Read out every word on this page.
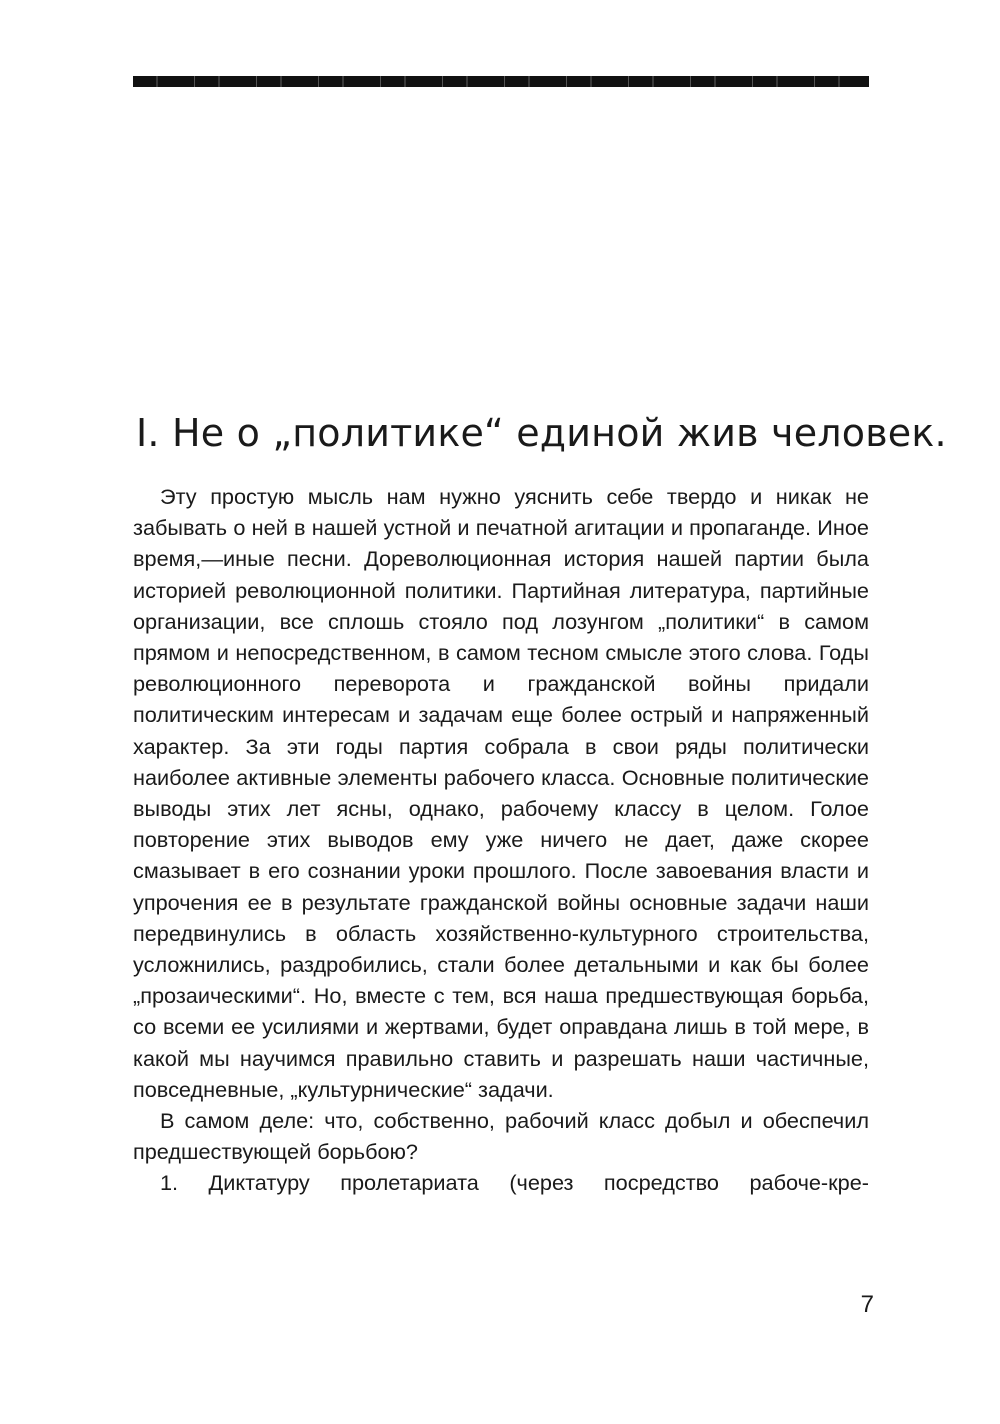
I. Не о „политике“ единой жив человек.

Эту простую мысль нам нужно уяснить себе твердо и никак не забывать о ней в нашей устной и печатной агитации и пропаганде. Иное время,—иные песни. Дореволюционная история нашей партии была историей революционной политики. Партийная литература, партийные организации, все сплошь стояло под лозунгом „политики“ в самом прямом и непосредственном, в самом тесном смысле этого слова. Годы революционного переворота и гражданской войны придали политическим интересам и задачам еще более острый и напряженный характер. За эти годы партия собрала в свои ряды политически наиболее активные элементы рабочего класса. Основные политические выводы этих лет ясны, однако, рабочему классу в целом. Голое повторение этих выводов ему уже ничего не дает, даже скорее смазывает в его сознании уроки прошлого. После завоевания власти и упрочения ее в результате гражданской войны основные задачи наши передвинулись в область хозяйственно-культурного строительства, усложнились, раздробились, стали более детальными и как бы более „прозаическими“. Но, вместе с тем, вся наша предшествующая борьба, со всеми ее усилиями и жертвами, будет оправдана лишь в той мере, в какой мы научимся правильно ставить и разрешать наши частичные, повседневные, „культурнические“ задачи.

В самом деле: что, собственно, рабочий класс добыл и обеспечил предшествующей борьбою?

1. Диктатуру пролетариата (через посредство рабоче-кре-

7
